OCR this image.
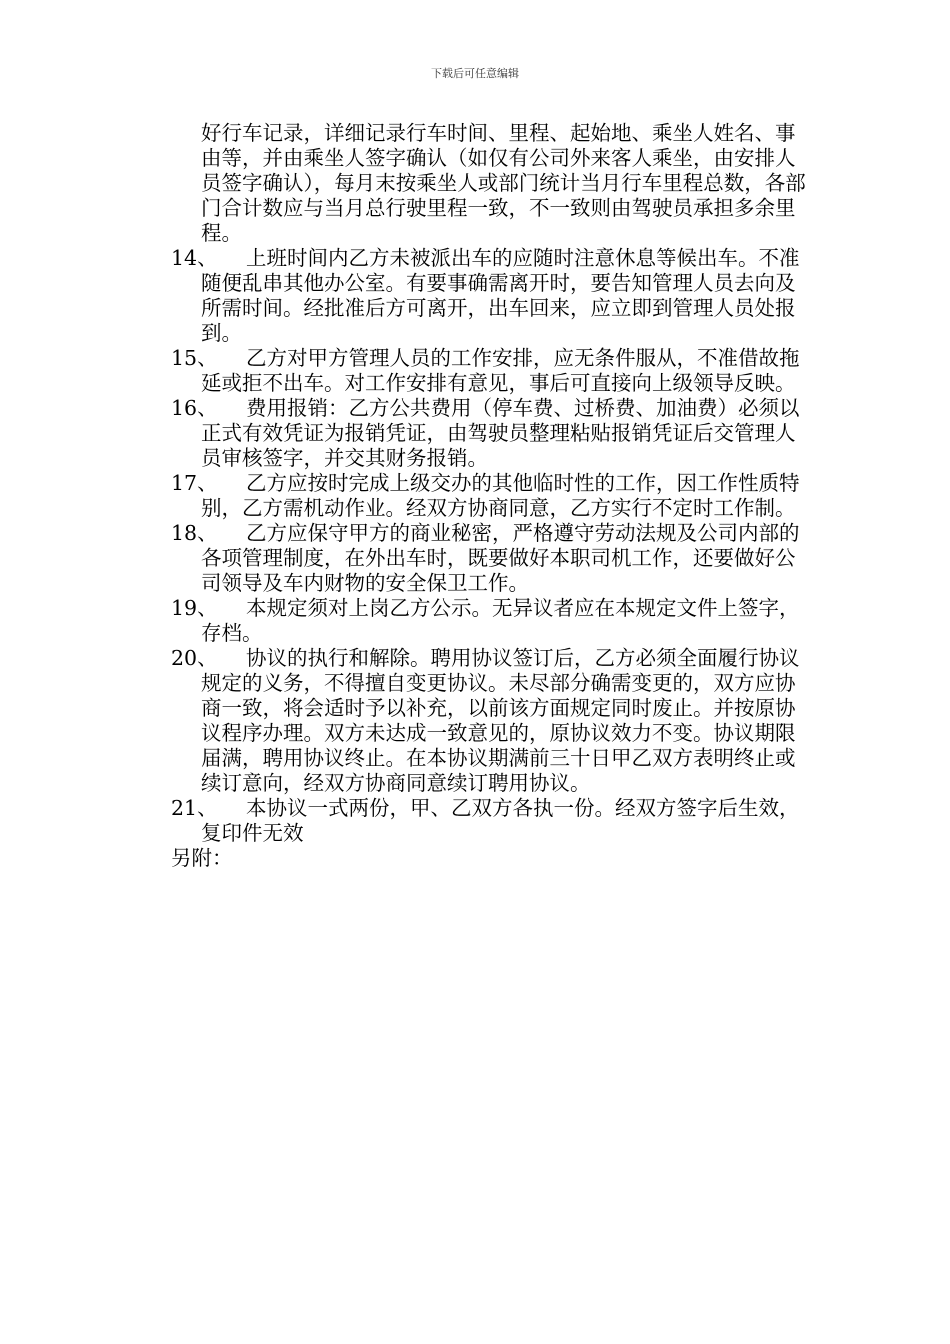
下载后可任意编辑

好行车记录，详细记录行车时间、里程、起始地、乘坐人姓名、事由等，并由乘坐人签字确认（如仅有公司外来客人乘坐，由安排人员签字确认），每月末按乘坐人或部门统计当月行车里程总数，各部门合计数应与当月总行驶里程一致，不一致则由驾驶员承担多余里程。

14、 上班时间内乙方未被派出车的应随时注意休息等候出车。不准随便乱串其他办公室。有要事确需离开时，要告知管理人员去向及所需时间。经批准后方可离开，出车回来，应立即到管理人员处报到。

15、 乙方对甲方管理人员的工作安排，应无条件服从，不准借故拖延或拒不出车。对工作安排有意见，事后可直接向上级领导反映。

16、 费用报销：乙方公共费用（停车费、过桥费、加油费）必须以正式有效凭证为报销凭证，由驾驶员整理粘贴报销凭证后交管理人员审核签字，并交其财务报销。

17、 乙方应按时完成上级交办的其他临时性的工作，因工作性质特别，乙方需机动作业。经双方协商同意，乙方实行不定时工作制。

18、 乙方应保守甲方的商业秘密，严格遵守劳动法规及公司内部的各项管理制度，在外出车时，既要做好本职司机工作，还要做好公司领导及车内财物的安全保卫工作。

19、 本规定须对上岗乙方公示。无异议者应在本规定文件上签字，存档。

20、 协议的执行和解除。聘用协议签订后，乙方必须全面履行协议规定的义务，不得擅自变更协议。未尽部分确需变更的，双方应协商一致，将会适时予以补充，以前该方面规定同时废止。并按原协议程序办理。双方未达成一致意见的，原协议效力不变。协议期限届满，聘用协议终止。在本协议期满前三十日甲乙双方表明终止或续订意向，经双方协商同意续订聘用协议。

21、 本协议一式两份，甲、乙双方各执一份。经双方签字后生效，复印件无效

另附：
